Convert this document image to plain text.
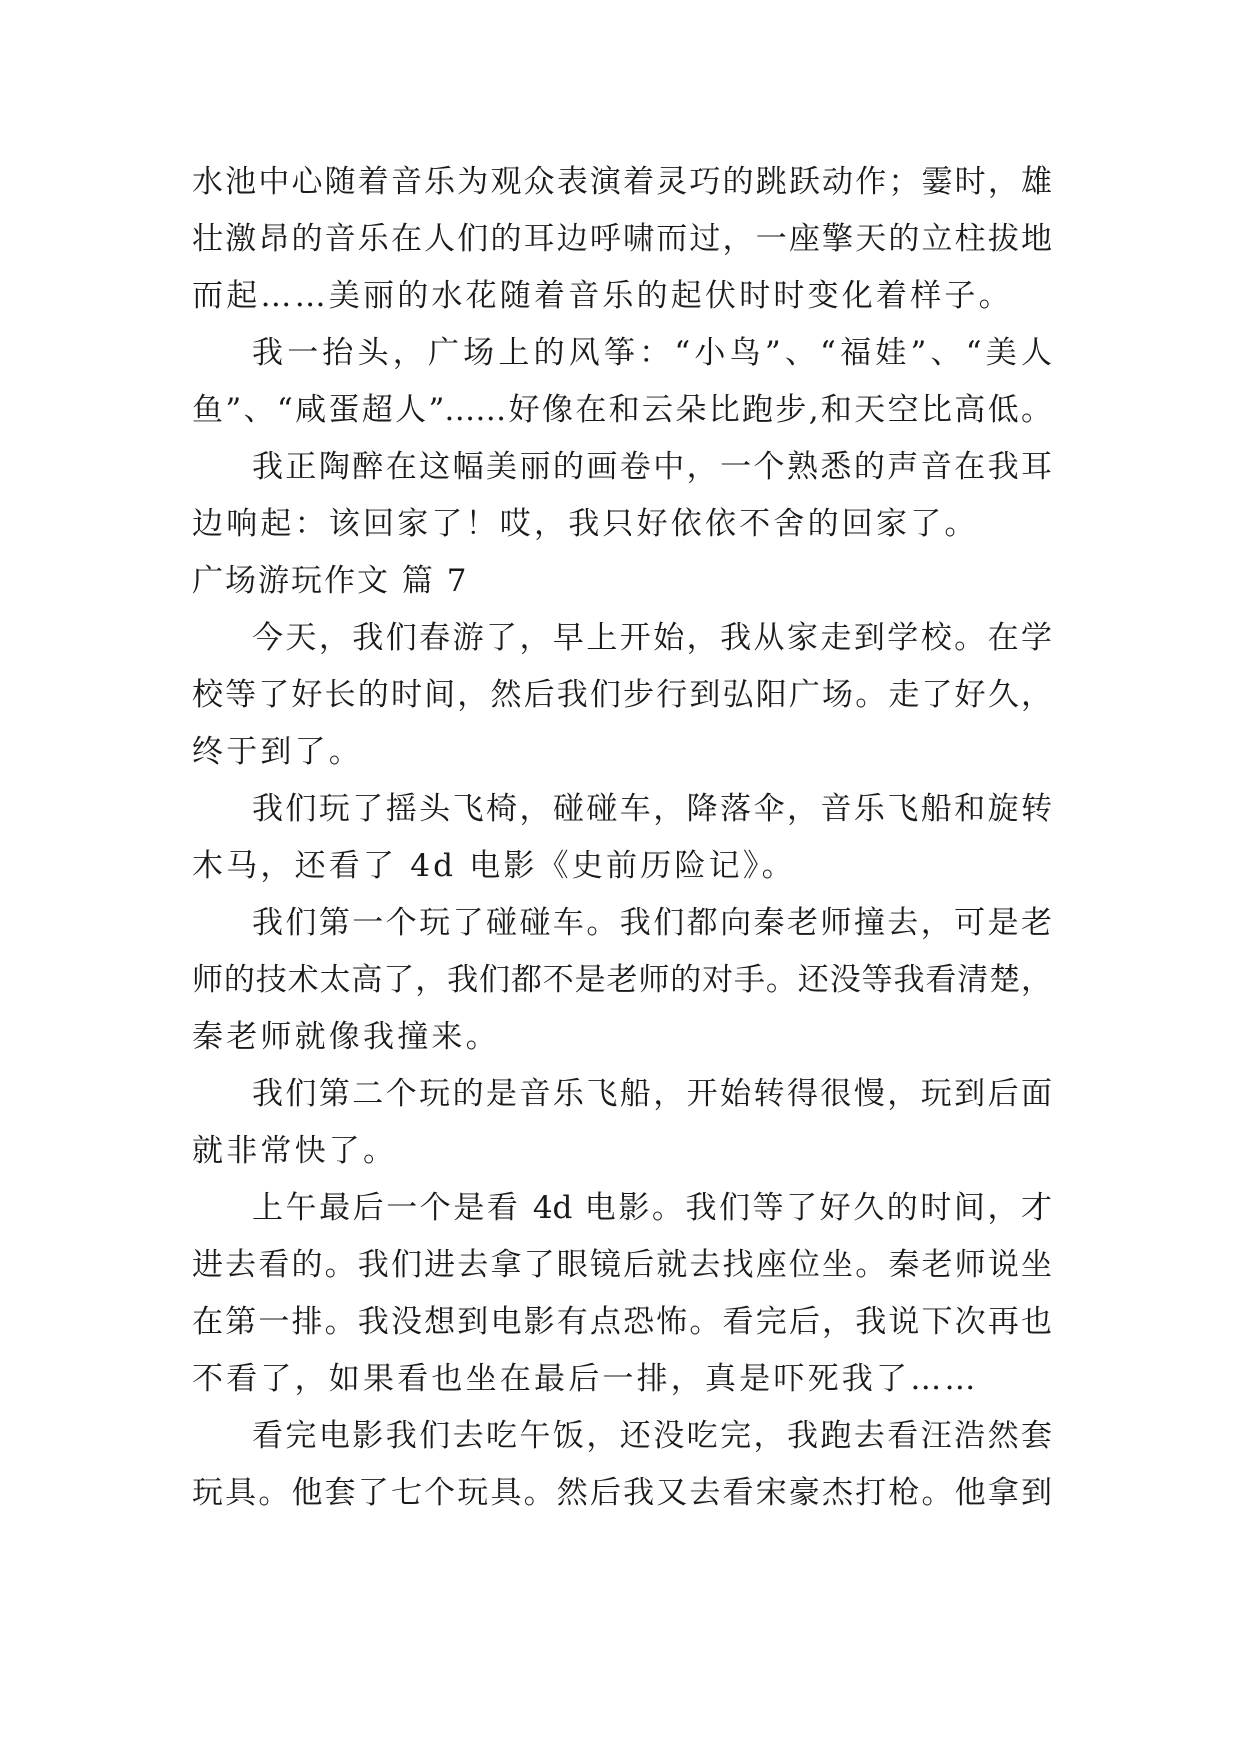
水池中心随着音乐为观众表演着灵巧的跳跃动作；霎时，雄
壮激昂的音乐在人们的耳边呼啸而过，一座擎天的立柱拔地
而起……美丽的水花随着音乐的起伏时时变化着样子。
我一抬头，广场上的风筝：“小鸟”、“福娃”、“美人
鱼”、“咸蛋超人”……好像在和云朵比跑步,和天空比高低。
我正陶醉在这幅美丽的画卷中，一个熟悉的声音在我耳
边响起：该回家了！哎，我只好依依不舍的回家了。
广场游玩作文 篇 7
今天，我们春游了，早上开始，我从家走到学校。在学
校等了好长的时间，然后我们步行到弘阳广场。走了好久，
终于到了。
我们玩了摇头飞椅，碰碰车，降落伞，音乐飞船和旋转
木马，还看了 4d 电影《史前历险记》。
我们第一个玩了碰碰车。我们都向秦老师撞去，可是老
师的技术太高了，我们都不是老师的对手。还没等我看清楚，
秦老师就像我撞来。
我们第二个玩的是音乐飞船，开始转得很慢，玩到后面
就非常快了。
上午最后一个是看 4d 电影。我们等了好久的时间，才
进去看的。我们进去拿了眼镜后就去找座位坐。秦老师说坐
在第一排。我没想到电影有点恐怖。看完后，我说下次再也
不看了，如果看也坐在最后一排，真是吓死我了……
看完电影我们去吃午饭，还没吃完，我跑去看汪浩然套
玩具。他套了七个玩具。然后我又去看宋豪杰打枪。他拿到
